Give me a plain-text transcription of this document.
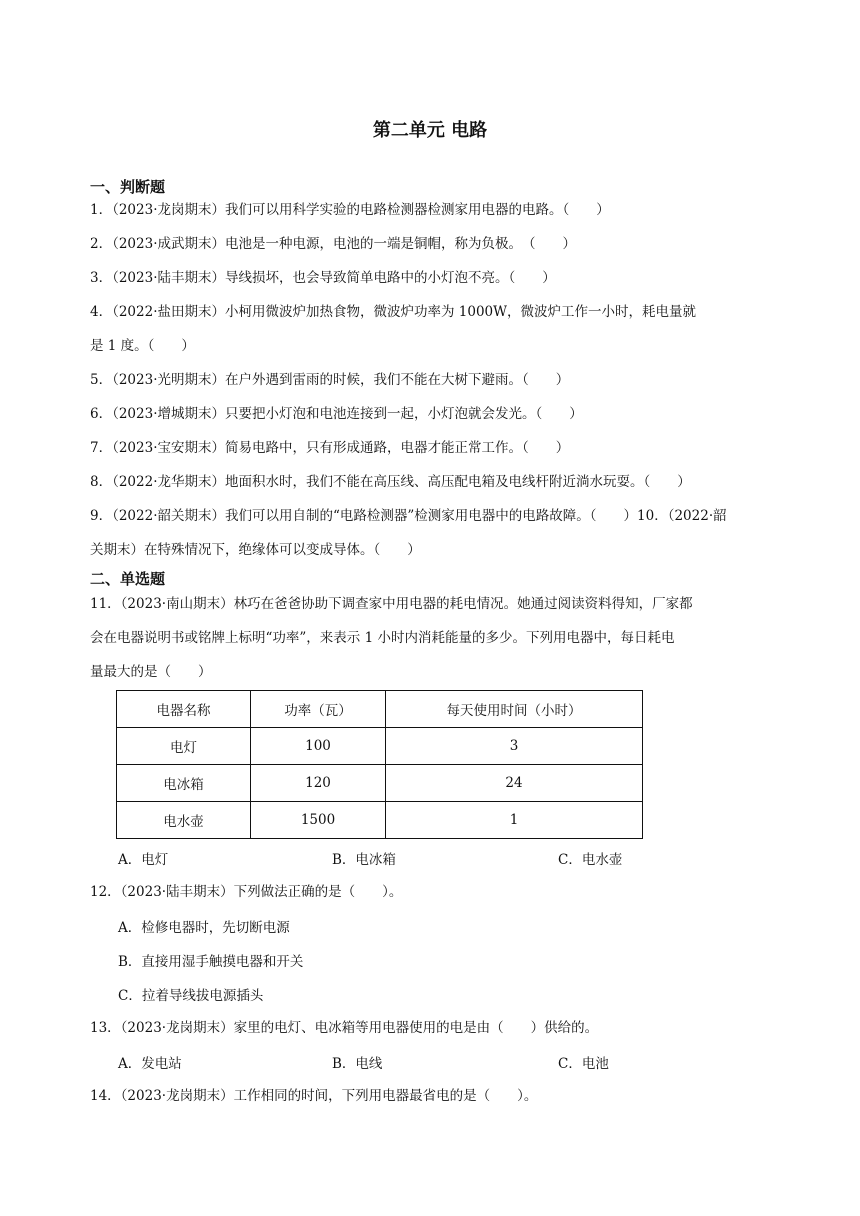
第二单元 电路
一、判断题
1．（2023·龙岗期末）我们可以用科学实验的电路检测器检测家用电器的电路。（　　）
2．（2023·成武期末）电池是一种电源，电池的一端是铜帽，称为负极。　（　　）
3．（2023·陆丰期末）导线损坏，也会导致简单电路中的小灯泡不亮。（　　）
4．（2022·盐田期末）小柯用微波炉加热食物，微波炉功率为 1000W，微波炉工作一小时，耗电量就
是 1 度。（　　）
5．（2023·光明期末）在户外遇到雷雨的时候，我们不能在大树下避雨。（　　）
6．（2023·增城期末）只要把小灯泡和电池连接到一起，小灯泡就会发光。（　　）
7．（2023·宝安期末）简易电路中，只有形成通路，电器才能正常工作。（　　）
8．（2022·龙华期末）地面积水时，我们不能在高压线、高压配电箱及电线杆附近淌水玩耍。（　　）
9．（2022·韶关期末）我们可以用自制的“电路检测器”检测家用电器中的电路故障。（　　）10．（2022·韶
关期末）在特殊情况下，绝缘体可以变成导体。（　　）
二、单选题
11．（2023·南山期末）林巧在爸爸协助下调查家中用电器的耗电情况。她通过阅读资料得知，厂家都
会在电器说明书或铭牌上标明“功率”，来表示 1 小时内消耗能量的多少。下列用电器中，每日耗电
量最大的是（　　）
电器名称	功率（瓦）	每天使用时间（小时）
电灯	100	3
电冰箱	120	24
电水壶	1500	1
A．电灯	B．电冰箱	C．电水壶
12．（2023·陆丰期末）下列做法正确的是（　　）。
A．检修电器时，先切断电源
B．直接用湿手触摸电器和开关
C．拉着导线拔电源插头
13．（2023·龙岗期末）家里的电灯、电冰箱等用电器使用的电是由（　　）供给的。
A．发电站	B．电线	C．电池
14．（2023·龙岗期末）工作相同的时间，下列用电器最省电的是（　　）。
